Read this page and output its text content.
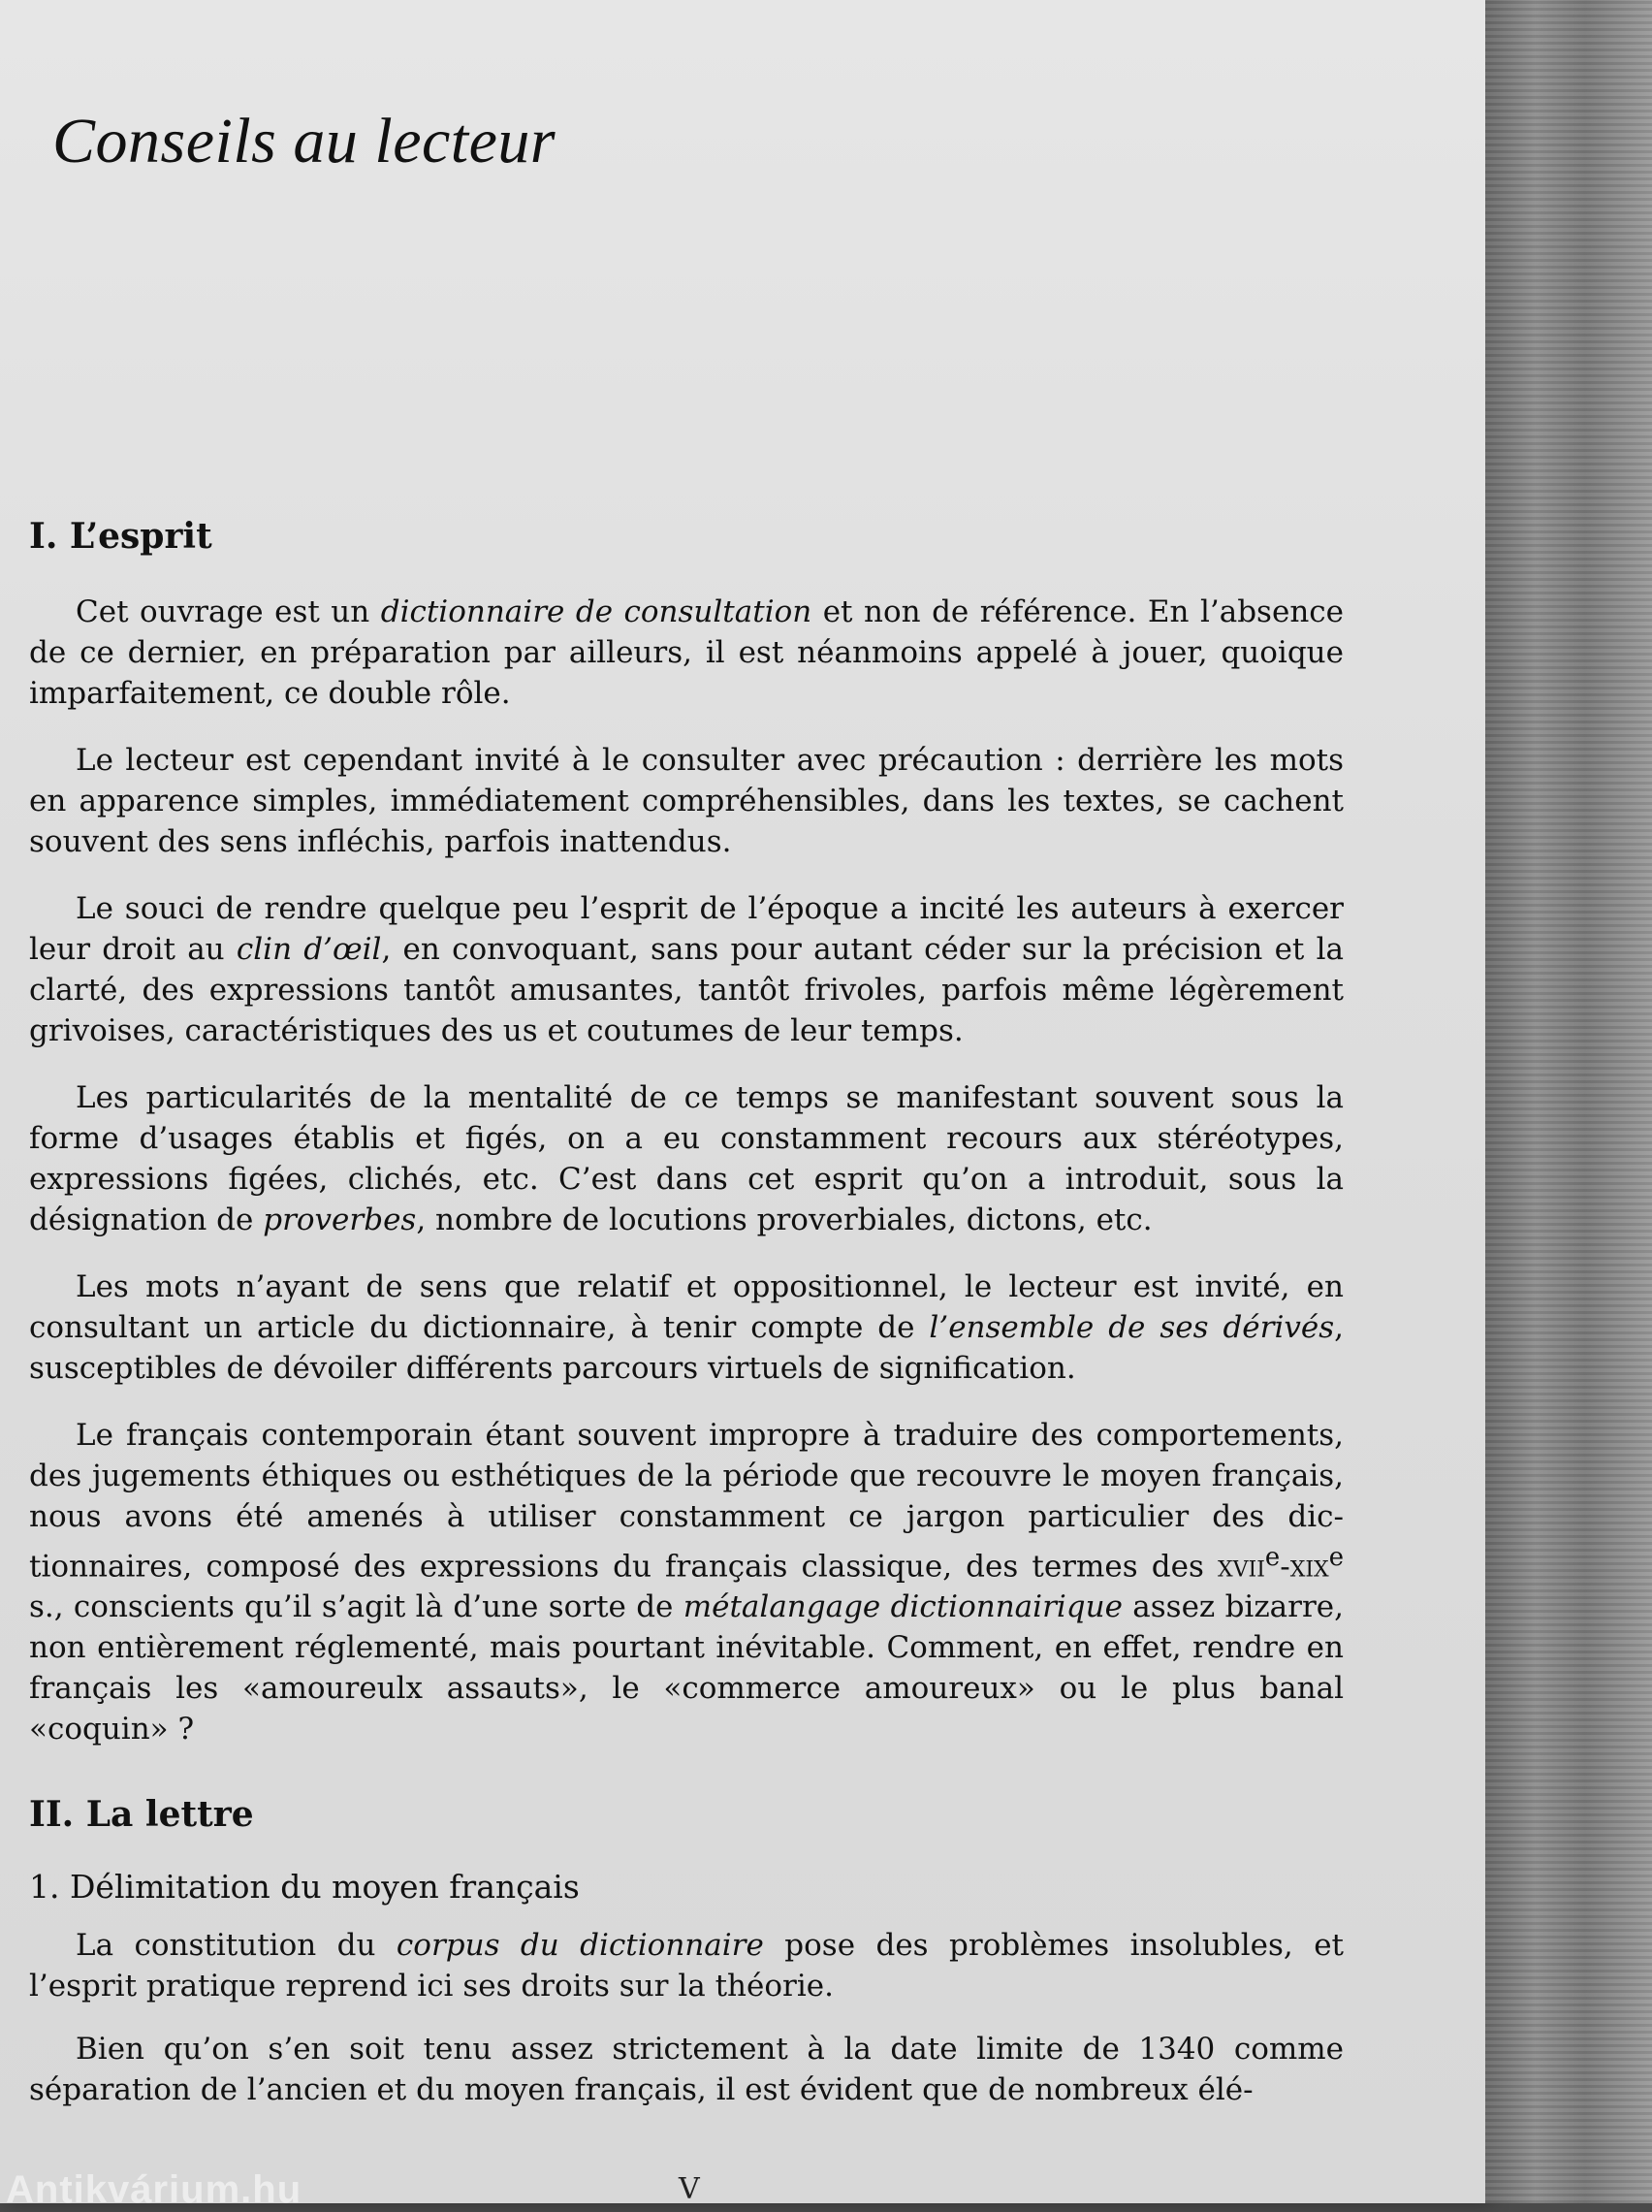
Conseils au lecteur
I. L’esprit

Cet ouvrage est un dictionnaire de consultation et non de référence. En l’absence de ce dernier, en préparation par ailleurs, il est néanmoins appelé à jouer, quoique imparfaitement, ce double rôle.

Le lecteur est cependant invité à le consulter avec précaution : derrière les mots en apparence simples, immédiatement compréhensibles, dans les textes, se cachent souvent des sens infléchis, parfois inattendus.

Le souci de rendre quelque peu l’esprit de l’époque a incité les auteurs à exercer leur droit au clin d’œil, en convoquant, sans pour autant céder sur la précision et la clarté, des expressions tantôt amusantes, tantôt frivoles, parfois même légèrement grivoises, caractéristiques des us et coutumes de leur temps.

Les particularités de la mentalité de ce temps se manifestant souvent sous la forme d’usages établis et figés, on a eu constamment recours aux stéréotypes, expressions figées, clichés, etc. C’est dans cet esprit qu’on a introduit, sous la désignation de proverbes, nombre de locutions proverbiales, dictons, etc.

Les mots n’ayant de sens que relatif et oppositionnel, le lecteur est invité, en consultant un article du dictionnaire, à tenir compte de l’ensemble de ses dérivés, susceptibles de dévoiler différents parcours virtuels de signification.

Le français contemporain étant souvent impropre à traduire des comportements, des jugements éthiques ou esthétiques de la période que recouvre le moyen français, nous avons été amenés à utiliser constamment ce jargon particulier des dictionnaires, composé des expressions du français classique, des termes des xvii$^e$-xix$^e$ s., conscients qu’il s’agit là d’une sorte de métalangage dictionnairique assez bizarre, non entièrement réglementé, mais pourtant inévitable. Comment, en effet, rendre en français les «amoureulx assauts», le «commerce amoureux» ou le plus banal «coquin» ?

II. La lettre
1. Délimitation du moyen français

La constitution du corpus du dictionnaire pose des problèmes insolubles, et l’esprit pratique reprend ici ses droits sur la théorie.

Bien qu’on s’en soit tenu assez strictement à la date limite de 1340 comme séparation de l’ancien et du moyen français, il est évident que de nombreux élé-

V

Antikvárium.hu
